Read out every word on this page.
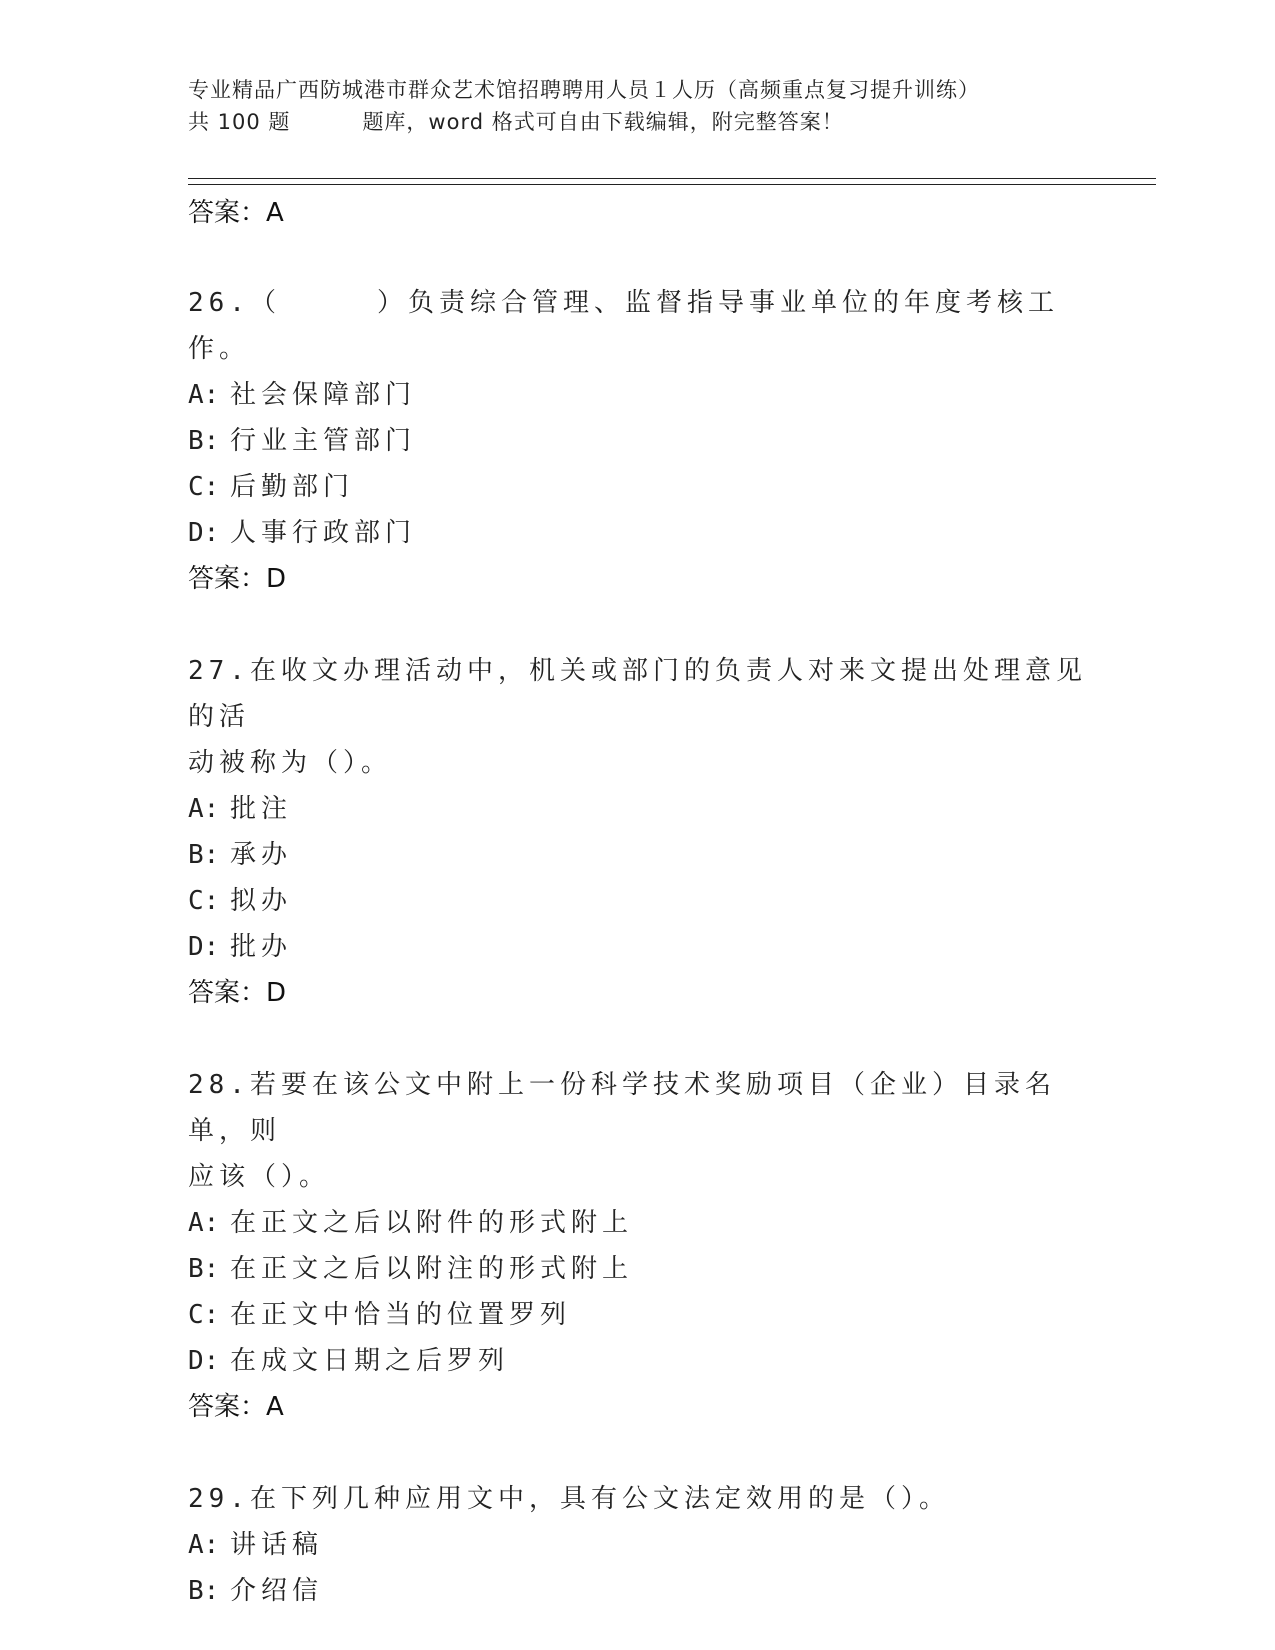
专业精品广西防城港市群众艺术馆招聘聘用人员１人历（高频重点复习提升训练）
共 100 题	题库，word 格式可自由下载编辑，附完整答案！
答案：A
26.（	）负责综合管理、监督指导事业单位的年度考核工作。
A: 社会保障部门
B: 行业主管部门
C: 后勤部门
D: 人事行政部门
答案：D
27.在收文办理活动中，机关或部门的负责人对来文提出处理意见的活
动被称为（）。
A: 批注
B: 承办
C: 拟办
D: 批办
答案：D
28.若要在该公文中附上一份科学技术奖励项目（企业）目录名单，则
应该（）。
A: 在正文之后以附件的形式附上
B: 在正文之后以附注的形式附上
C: 在正文中恰当的位置罗列
D: 在成文日期之后罗列
答案：A
29.在下列几种应用文中，具有公文法定效用的是（）。
A: 讲话稿
B: 介绍信
